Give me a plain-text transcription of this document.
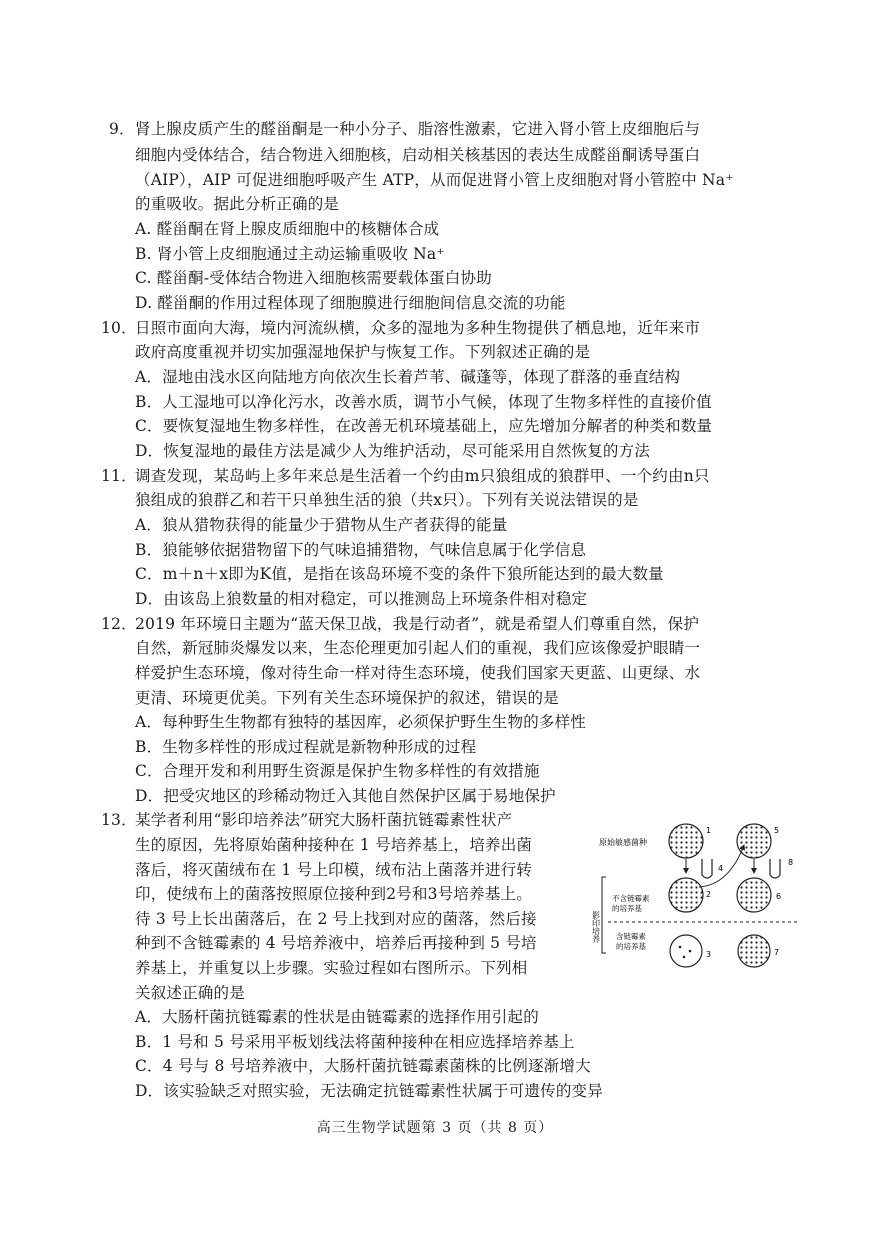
9． 肾上腺皮质产生的醛甾酮是一种小分子、脂溶性激素，它进入肾小管上皮细胞后与
细胞内受体结合，结合物进入细胞核，启动相关核基因的表达生成醛甾酮诱导蛋白
（AIP），AIP 可促进细胞呼吸产生 ATP，从而促进肾小管上皮细胞对肾小管腔中 Na⁺
的重吸收。据此分析正确的是
A. 醛甾酮在肾上腺皮质细胞中的核糖体合成
B. 肾小管上皮细胞通过主动运输重吸收 Na⁺
C. 醛甾酮-受体结合物进入细胞核需要载体蛋白协助
D. 醛甾酮的作用过程体现了细胞膜进行细胞间信息交流的功能
10．
日照市面向大海，境内河流纵横，众多的湿地为多种生物提供了栖息地，近年来市
政府高度重视并切实加强湿地保护与恢复工作。下列叙述正确的是
A．湿地由浅水区向陆地方向依次生长着芦苇、碱蓬等，体现了群落的垂直结构
B．人工湿地可以净化污水，改善水质，调节小气候，体现了生物多样性的直接价值
C．要恢复湿地生物多样性，在改善无机环境基础上，应先增加分解者的种类和数量
D．恢复湿地的最佳方法是减少人为维护活动，尽可能采用自然恢复的方法
11．
调查发现，某岛屿上多年来总是生活着一个约由m只狼组成的狼群甲、一个约由n只
狼组成的狼群乙和若干只单独生活的狼（共x只）。下列有关说法错误的是
A．狼从猎物获得的能量少于猎物从生产者获得的能量
B．狼能够依据猎物留下的气味追捕猎物，气味信息属于化学信息
C．m＋n＋x即为K值，是指在该岛环境不变的条件下狼所能达到的最大数量
D．由该岛上狼数量的相对稳定，可以推测岛上环境条件相对稳定
12．
2019 年环境日主题为“蓝天保卫战，我是行动者”，就是希望人们尊重自然，保护
自然，新冠肺炎爆发以来，生态伦理更加引起人们的重视，我们应该像爱护眼睛一
样爱护生态环境，像对待生命一样对待生态环境，使我们国家天更蓝、山更绿、水
更清、环境更优美。下列有关生态环境保护的叙述，错误的是
A．每种野生生物都有独特的基因库，必须保护野生生物的多样性
B．生物多样性的形成过程就是新物种形成的过程
C．合理开发和利用野生资源是保护生物多样性的有效措施
D．把受灾地区的珍稀动物迁入其他自然保护区属于易地保护
13．
某学者利用“影印培养法”研究大肠杆菌抗链霉素性状产
生的原因，先将原始菌种接种在 1 号培养基上，培养出菌
落后，将灭菌绒布在 1 号上印模，绒布沾上菌落并进行转
印，使绒布上的菌落按照原位接种到2号和3号培养基上。
待 3 号上长出菌落后，在 2 号上找到对应的菌落，然后接
种到不含链霉素的 4 号培养液中，培养后再接种到 5 号培
养基上，并重复以上步骤。实验过程如右图所示。下列相
关叙述正确的是
A．大肠杆菌抗链霉素的性状是由链霉素的选择作用引起的
B．1 号和 5 号采用平板划线法将菌种接种在相应选择培养基上
C．4 号与 8 号培养液中，大肠杆菌抗链霉素菌株的比例逐渐增大
D．该实验缺乏对照实验，无法确定抗链霉素性状属于可遗传的变异
原始敏感菌种
1
4
2
影印培养
不含链霉素
的培养基
含链霉素
的培养基
3
5
8
6
7
高三生物学试题第 3 页（共 8 页）
